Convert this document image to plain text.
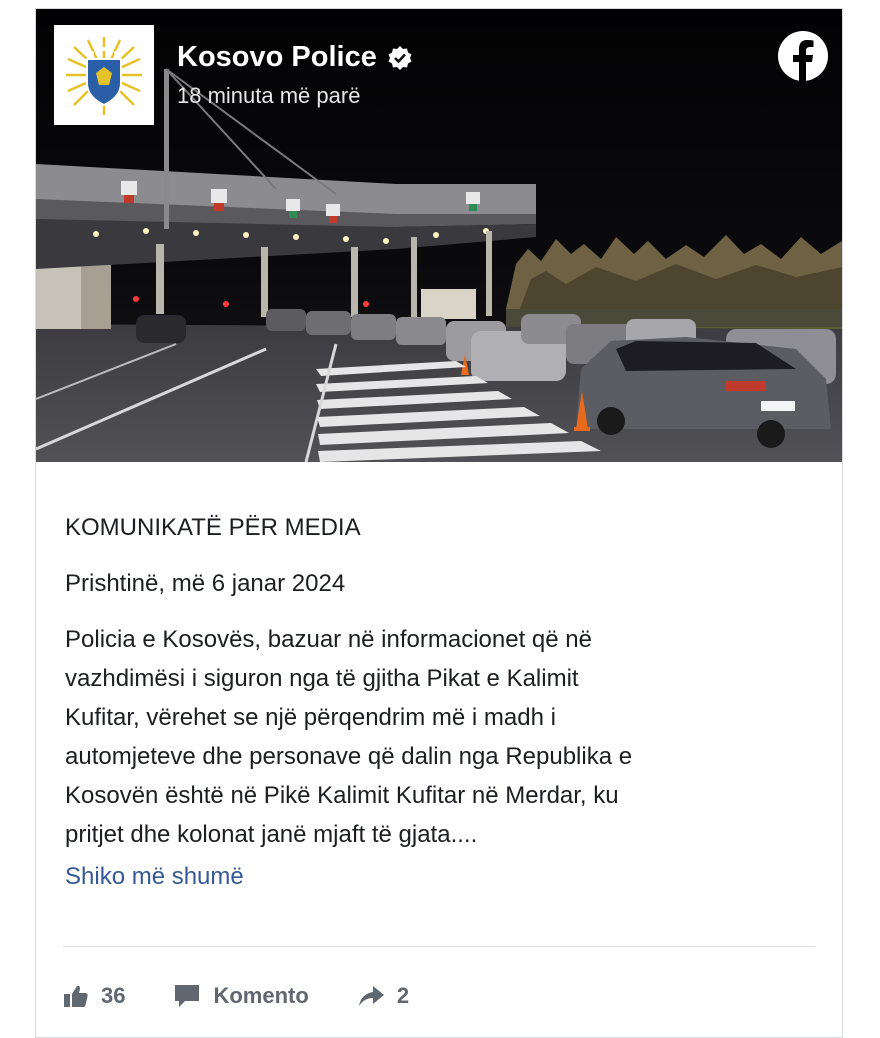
Kosovo Police
18 minuta më parë
KOMUNIKATË PËR MEDIA
Prishtinë, më 6 janar 2024
Policia e Kosovës, bazuar në informacionet që në
vazhdimësi i siguron nga të gjitha Pikat e Kalimit
Kufitar, vërehet se një përqendrim më i madh i
automjeteve dhe personave që dalin nga Republika e
Kosovën është në Pikë Kalimit Kufitar në Merdar, ku
pritjet dhe kolonat janë mjaft të gjata....
Shiko më shumë
36	Komento	2
